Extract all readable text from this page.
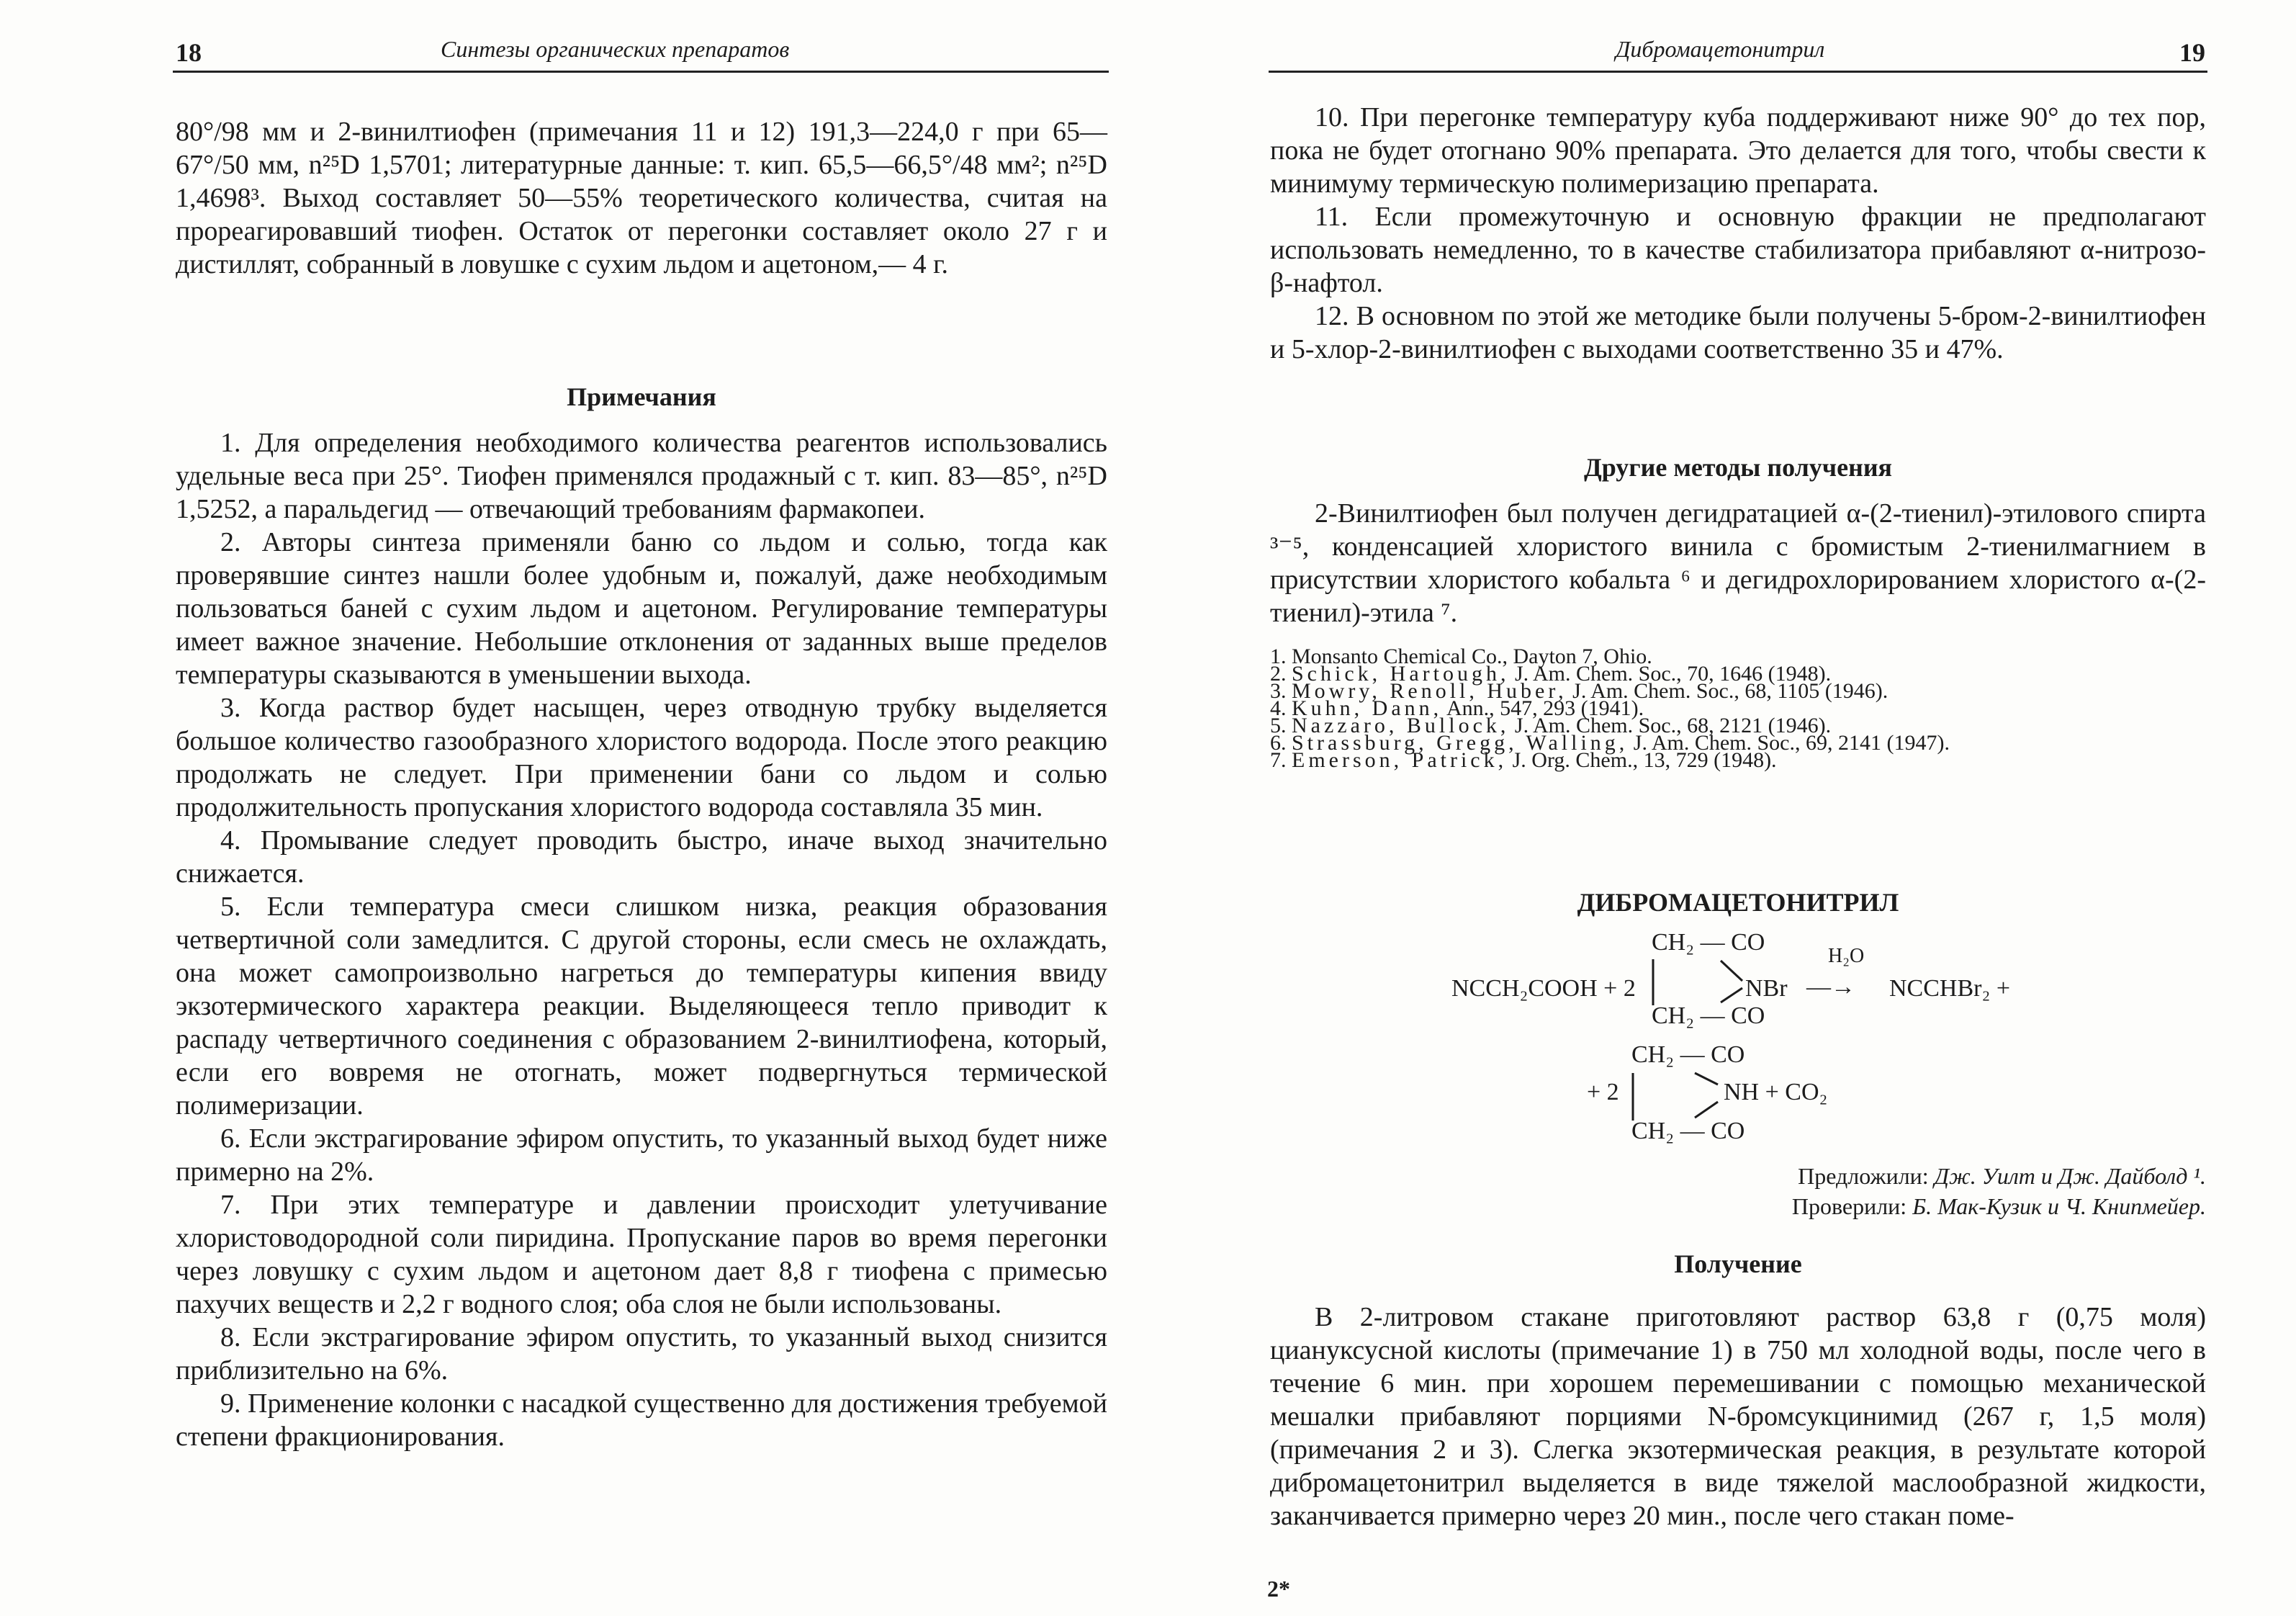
18	Синтезы органических препаратов

80°/98 мм и 2-винилтиофен (примечания 11 и 12) 191,3—224,0 г при 65—67°/50 мм, n²⁵D 1,5701; литературные данные: т. кип. 65,5—66,5°/48 мм²; n²⁵D 1,4698³. Выход составляет 50—55% теоретического количества, считая на прореагировавший тиофен. Остаток от перегонки составляет около 27 г и дистиллят, собранный в ловушке с сухим льдом и ацетоном,— 4 г.

Примечания

1. Для определения необходимого количества реагентов использовались удельные веса при 25°. Тиофен применялся продажный с т. кип. 83—85°, n²⁵D 1,5252, а паральдегид — отвечающий требованиям фармакопеи.

2. Авторы синтеза применяли баню со льдом и солью, тогда как проверявшие синтез нашли более удобным и, пожалуй, даже необходимым пользоваться баней с сухим льдом и ацетоном. Регулирование температуры имеет важное значение. Небольшие отклонения от заданных выше пределов температуры сказываются в уменьшении выхода.

3. Когда раствор будет насыщен, через отводную трубку выделяется большое количество газообразного хлористого водорода. После этого реакцию продолжать не следует. При применении бани со льдом и солью продолжительность пропускания хлористого водорода составляла 35 мин.

4. Промывание следует проводить быстро, иначе выход значительно снижается.

5. Если температура смеси слишком низка, реакция образования четвертичной соли замедлится. С другой стороны, если смесь не охлаждать, она может самопроизвольно нагреться до температуры кипения ввиду экзотермического характера реакции. Выделяющееся тепло приводит к распаду четвертичного соединения с образованием 2-винилтиофена, который, если его вовремя не отогнать, может подвергнуться термической полимеризации.

6. Если экстрагирование эфиром опустить, то указанный выход будет ниже примерно на 2%.

7. При этих температуре и давлении происходит улетучивание хлористоводородной соли пиридина. Пропускание паров во время перегонки через ловушку с сухим льдом и ацетоном дает 8,8 г тиофена с примесью пахучих веществ и 2,2 г водного слоя; оба слоя не были использованы.

8. Если экстрагирование эфиром опустить, то указанный выход снизится приблизительно на 6%.

9. Применение колонки с насадкой существенно для достижения требуемой степени фракционирования.

Дибромацетонитрил	19

10. При перегонке температуру куба поддерживают ниже 90° до тех пор, пока не будет отогнано 90% препарата. Это делается для того, чтобы свести к минимуму термическую полимеризацию препарата.

11. Если промежуточную и основную фракции не предполагают использовать немедленно, то в качестве стабилизатора прибавляют α-нитрозо-β-нафтол.

12. В основном по этой же методике были получены 5-бром-2-винилтиофен и 5-хлор-2-винилтиофен с выходами соответственно 35 и 47%.

Другие методы получения

2-Винилтиофен был получен дегидратацией α-(2-тиенил)-этилового спирта ³⁻⁵, конденсацией хлористого винила с бромистым 2-тиенилмагнием в присутствии хлористого кобальта ⁶ и дегидрохлорированием хлористого α-(2-тиенил)-этила ⁷.

1. Monsanto Chemical Co., Dayton 7, Ohio.
2. Schick, Hartough, J. Am. Chem. Soc., 70, 1646 (1948).
3. Mowry, Renoll, Huber, J. Am. Chem. Soc., 68, 1105 (1946).
4. Kuhn, Dann, Ann., 547, 293 (1941).
5. Nazzaro, Bullock, J. Am. Chem. Soc., 68, 2121 (1946).
6. Strassburg, Gregg, Walling, J. Am. Chem. Soc., 69, 2141 (1947).
7. Emerson, Patrick, J. Org. Chem., 13, 729 (1948).
ДИБРОМАЦЕТОНИТРИЛ
NCCH₂COOH + 2
CH₂ — CO
CH₂ — CO
NBr
H₂O
—→ NCCHBr₂ +
CH₂ — CO
+ 2
CH₂ — CO
NH + CO₂
Предложили: Дж. Уилт и Дж. Дайболд ¹.
Проверили: Б. Мак-Кузик и Ч. Книпмейер.
Получение

В 2-литровом стакане приготовляют раствор 63,8 г (0,75 моля) циануксусной кислоты (примечание 1) в 750 мл холодной воды, после чего в течение 6 мин. при хорошем перемешивании с помощью механической мешалки прибавляют порциями N-бромсукцинимид (267 г, 1,5 моля) (примечания 2 и 3). Слегка экзотермическая реакция, в результате которой дибромацетонитрил выделяется в виде тяжелой маслообразной жидкости, заканчивается примерно через 20 мин., после чего стакан поме-

2*
